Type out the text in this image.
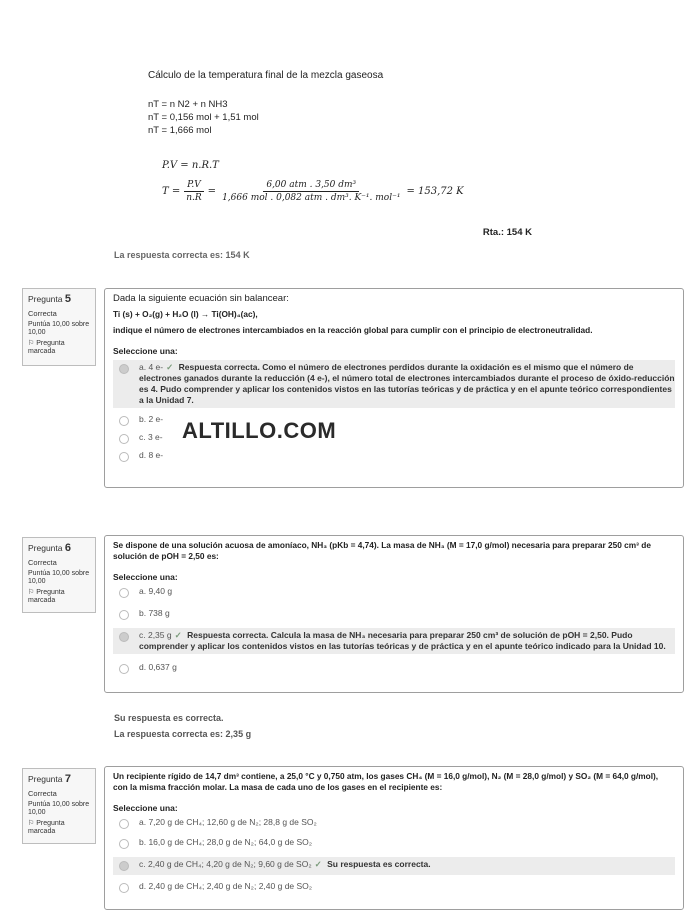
Cálculo de la temperatura final de la mezcla gaseosa
nT = n N2 + n NH3
nT = 0,156 mol + 1,51 mol
nT = 1,666 mol
P.V = n.R.T
$T = \frac{P.V}{n.R} = \frac{\text{6,00 atm . 3,50 dm³}}{\text{1,666 mol . 0,082 atm . dm³. K⁻¹. mol⁻¹}} = 153,72$ K
Rta.: 154 K
La respuesta correcta es: 154 K
Pregunta 5
Correcta
Puntúa 10,00 sobre 10,00
⚐ Pregunta marcada
Dada la siguiente ecuación sin balancear:
Ti (s) + O₂(g) + H₂O (l) → Ti(OH)₄(ac),
indique el número de electrones intercambiados en la reacción global para cumplir con el principio de electroneutralidad.
Seleccione una:
a. 4 e- ✓ Respuesta correcta. Como el número de electrones perdidos durante la oxidación es el mismo que el número de electrones ganados durante la reducción (4 e-), el número total de electrones intercambiados durante el proceso de óxido-reducción es 4. Pudo comprender y aplicar los contenidos vistos en las tutorías teóricas y de práctica y en el apunte teórico correspondientes a la Unidad 7.
b. 2 e-
c. 3 e-
d. 8 e-
ALTILLO.COM
Pregunta 6
Correcta
Puntúa 10,00 sobre 10,00
⚐ Pregunta marcada
Se dispone de una solución acuosa de amoníaco, NH₃ (pKb = 4,74). La masa de NH₃ (M = 17,0 g/mol) necesaria para preparar 250 cm³ de solución de pOH = 2,50 es:
Seleccione una:
a. 9,40 g
b. 738 g
c. 2,35 g ✓ Respuesta correcta. Calcula la masa de NH₃ necesaria para preparar 250 cm³ de solución de pOH = 2,50. Pudo comprender y aplicar los contenidos vistos en las tutorías teóricas y de práctica y en el apunte teórico indicado para la Unidad 10.
d. 0,637 g
Su respuesta es correcta.
La respuesta correcta es: 2,35 g
Pregunta 7
Correcta
Puntúa 10,00 sobre 10,00
⚐ Pregunta marcada
Un recipiente rígido de 14,7 dm³ contiene, a 25,0 °C y 0,750 atm, los gases CH₄ (M = 16,0 g/mol), N₂ (M = 28,0 g/mol) y SO₂ (M = 64,0 g/mol), con la misma fracción molar. La masa de cada uno de los gases en el recipiente es:
Seleccione una:
a. 7,20 g de CH₄; 12,60 g de N₂; 28,8 g de SO₂
b. 16,0 g de CH₄; 28,0 g de N₂; 64,0 g de SO₂
c. 2,40 g de CH₄; 4,20 g de N₂; 9,60 g de SO₂ ✓ Su respuesta es correcta.
d. 2,40 g de CH₄; 2,40 g de N₂; 2,40 g de SO₂
